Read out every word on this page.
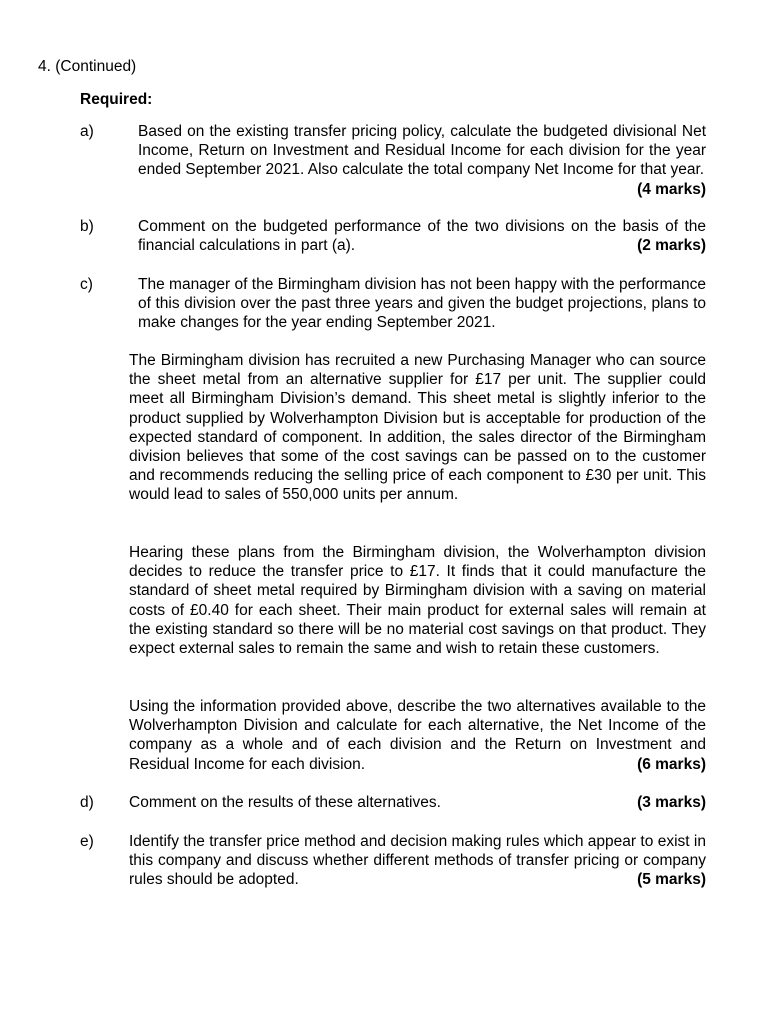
4. (Continued)
Required:
a)	Based on the existing transfer pricing policy, calculate the budgeted divisional Net Income, Return on Investment and Residual Income for each division for the year ended September 2021. Also calculate the total company Net Income for that year.
(4 marks)
b)	Comment on the budgeted performance of the two divisions on the basis of the financial calculations in part (a).	(2 marks)
c)	The manager of the Birmingham division has not been happy with the performance of this division over the past three years and given the budget projections, plans to make changes for the year ending September 2021.
The Birmingham division has recruited a new Purchasing Manager who can source the sheet metal from an alternative supplier for £17 per unit. The supplier could meet all Birmingham Division’s demand. This sheet metal is slightly inferior to the product supplied by Wolverhampton Division but is acceptable for production of the expected standard of component. In addition, the sales director of the Birmingham division believes that some of the cost savings can be passed on to the customer and recommends reducing the selling price of each component to £30 per unit. This would lead to sales of 550,000 units per annum.
Hearing these plans from the Birmingham division, the Wolverhampton division decides to reduce the transfer price to £17. It finds that it could manufacture the standard of sheet metal required by Birmingham division with a saving on material costs of £0.40 for each sheet. Their main product for external sales will remain at the existing standard so there will be no material cost savings on that product. They expect external sales to remain the same and wish to retain these customers.
Using the information provided above, describe the two alternatives available to the Wolverhampton Division and calculate for each alternative, the Net Income of the company as a whole and of each division and the Return on Investment and Residual Income for each division.	(6 marks)
d) Comment on the results of these alternatives.	(3 marks)
e) Identify the transfer price method and decision making rules which appear to exist in this company and discuss whether different methods of transfer pricing or company rules should be adopted.	(5 marks)
